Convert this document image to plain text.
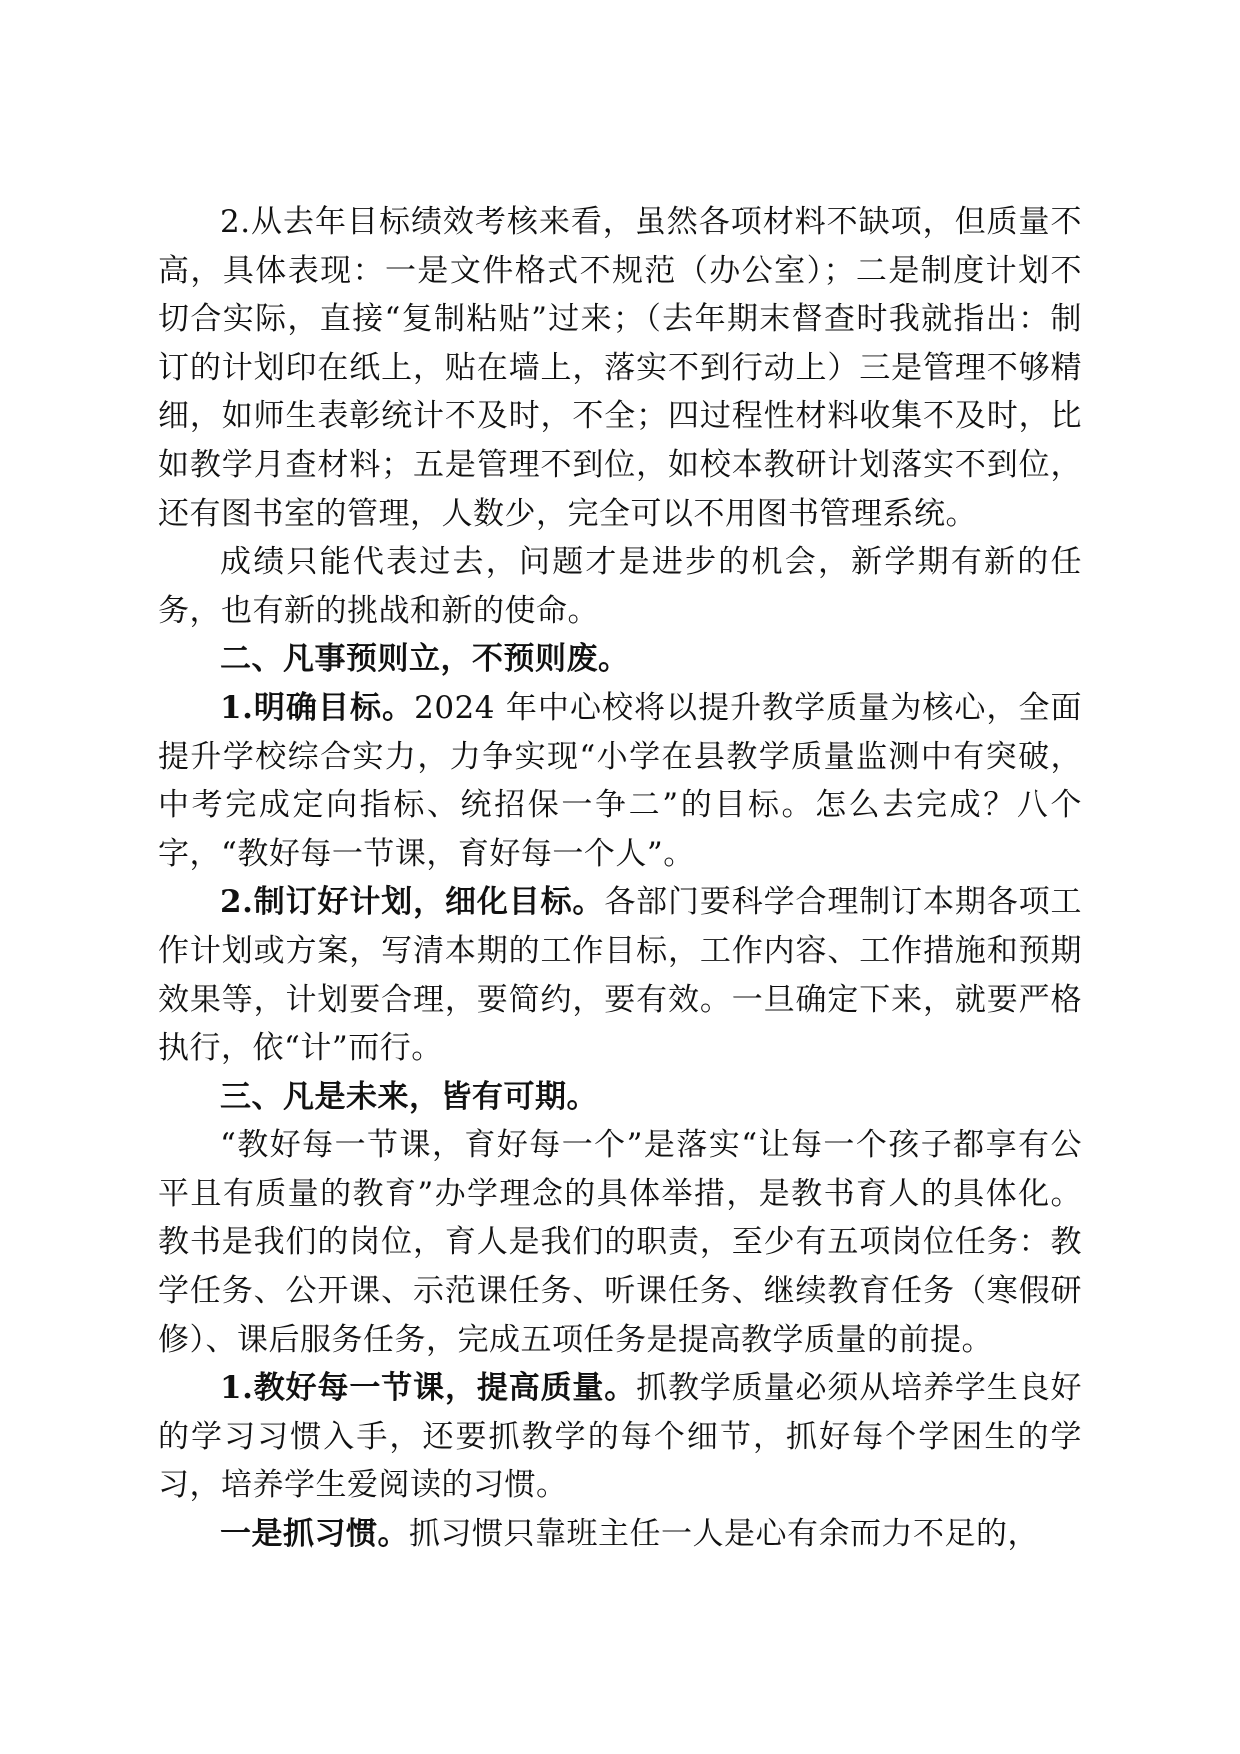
2.从去年目标绩效考核来看，虽然各项材料不缺项，但质量不高，具体表现：一是文件格式不规范（办公室）；二是制度计划不切合实际，直接“复制粘贴”过来；（去年期末督查时我就指出：制订的计划印在纸上，贴在墙上，落实不到行动上）三是管理不够精细，如师生表彰统计不及时，不全；四过程性材料收集不及时，比如教学月查材料；五是管理不到位，如校本教研计划落实不到位，还有图书室的管理，人数少，完全可以不用图书管理系统。

成绩只能代表过去，问题才是进步的机会，新学期有新的任务，也有新的挑战和新的使命。

二、凡事预则立，不预则废。

1.明确目标。2024 年中心校将以提升教学质量为核心，全面提升学校综合实力，力争实现“小学在县教学质量监测中有突破，中考完成定向指标、统招保一争二”的目标。怎么去完成？八个字，“教好每一节课，育好每一个人”。

2.制订好计划，细化目标。各部门要科学合理制订本期各项工作计划或方案，写清本期的工作目标，工作内容、工作措施和预期效果等，计划要合理，要简约，要有效。一旦确定下来，就要严格执行，依“计”而行。

三、凡是未来，皆有可期。

“教好每一节课，育好每一个”是落实“让每一个孩子都享有公平且有质量的教育”办学理念的具体举措，是教书育人的具体化。教书是我们的岗位，育人是我们的职责，至少有五项岗位任务：教学任务、公开课、示范课任务、听课任务、继续教育任务（寒假研修）、课后服务任务，完成五项任务是提高教学质量的前提。

1.教好每一节课，提高质量。抓教学质量必须从培养学生良好的学习习惯入手，还要抓教学的每个细节，抓好每个学困生的学习，培养学生爱阅读的习惯。

一是抓习惯。抓习惯只靠班主任一人是心有余而力不足的，
